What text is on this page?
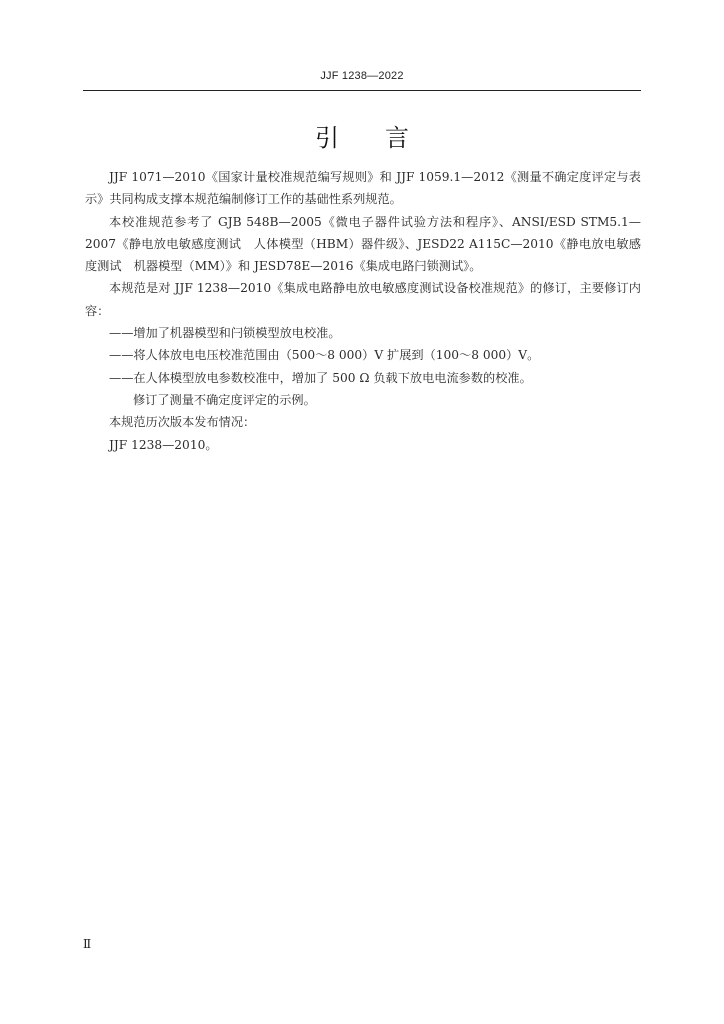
JJF 1238—2022
引 言

JJF 1071—2010《国家计量校准规范编写规则》和 JJF 1059.1—2012《测量不确定度评定与表示》共同构成支撑本规范编制修订工作的基础性系列规范。

本校准规范参考了 GJB 548B—2005《微电子器件试验方法和程序》、ANSI/ESD STM5.1—2007《静电放电敏感度测试　人体模型（HBM）器件级》、JESD22 A115C—2010《静电放电敏感度测试　机器模型（MM）》和 JESD78E—2016《集成电路闩锁测试》。

本规范是对 JJF 1238—2010《集成电路静电放电敏感度测试设备校准规范》的修订，主要修订内容：

——增加了机器模型和闩锁模型放电校准。

——将人体放电电压校准范围由（500～8 000）V 扩展到（100～8 000）V。

——在人体模型放电参数校准中，增加了 500 Ω 负载下放电电流参数的校准。

修订了测量不确定度评定的示例。

本规范历次版本发布情况：

JJF 1238—2010。

Ⅱ
